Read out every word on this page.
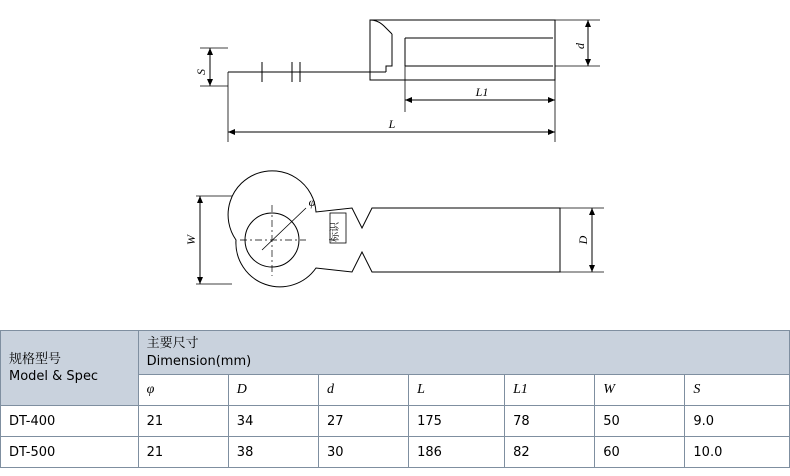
S
d
L1
L
W	D
φ
标识
规格型号
Model & Spec

主要尺寸
Dimension(mm)

	φ	D	d	L	L1	W	S
DT-400	21	34	27	175	78	50	9.0
DT-500	21	38	30	186	82	60	10.0
